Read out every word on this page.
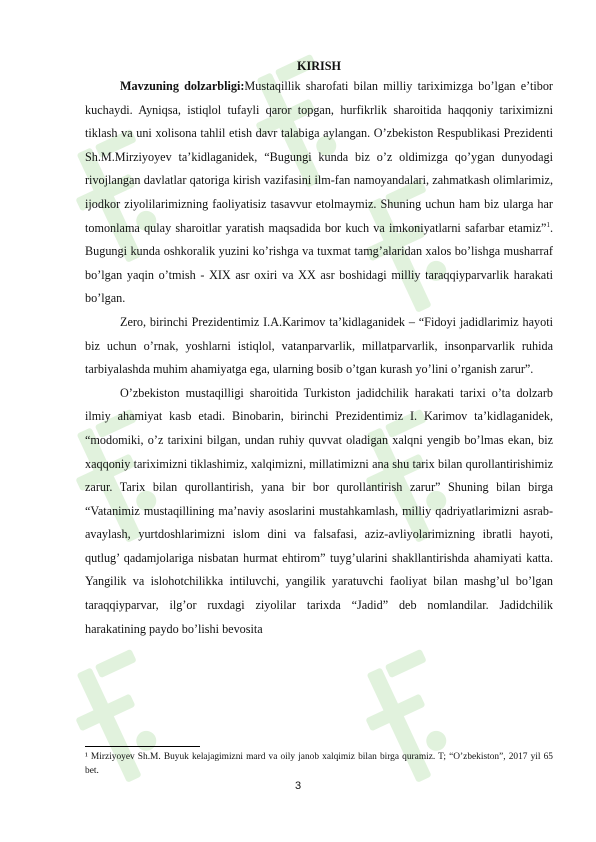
KIRISH

Mavzuning dolzarbligi:Mustaqillik sharofati bilan milliy tariximizga bo’lgan e’tibor kuchaydi. Ayniqsa, istiqlol tufayli qaror topgan, hurfikrlik sharoitida haqqoniy tariximizni tiklash va uni xolisona tahlil etish davr talabiga aylangan. O’zbekiston Respublikasi Prezidenti Sh.M.Mirziyoyev ta’kidlaganidek, “Bugungi kunda biz o’z oldimizga qo’ygan dunyodagi rivojlangan davlatlar qatoriga kirish vazifasini ilm-fan namoyandalari, zahmatkash olimlarimiz, ijodkor ziyolilarimizning faoliyatisiz tasavvur etolmaymiz. Shuning uchun ham biz ularga har tomonlama qulay sharoitlar yaratish maqsadida bor kuch va imkoniyatlarni safarbar etamiz”$^1$. Bugungi kunda oshkoralik yuzini ko’rishga va tuxmat tamg’alaridan xalos bo’lishga musharraf bo’lgan yaqin o’tmish - XIX asr oxiri va XX asr boshidagi milliy taraqqiyparvarlik harakati bo’lgan.

Zero, birinchi Prezidentimiz I.A.Karimov ta’kidlaganidek – “Fidoyi jadidlarimiz hayoti biz uchun o’rnak, yoshlarni istiqlol, vatanparvarlik, millatparvarlik, insonparvarlik ruhida tarbiyalashda muhim ahamiyatga ega, ularning bosib o’tgan kurash yo’lini o’rganish zarur”.

O’zbekiston mustaqilligi sharoitida Turkiston jadidchilik harakati tarixi o’ta dolzarb ilmiy ahamiyat kasb etadi. Binobarin, birinchi Prezidentimiz I. Karimov ta’kidlaganidek, “modomiki, o’z tarixini bilgan, undan ruhiy quvvat oladigan xalqni yengib bo’lmas ekan, biz xaqqoniy tariximizni tiklashimiz, xalqimizni, millatimizni ana shu tarix bilan qurollantirishimiz zarur. Tarix bilan qurollantirish, yana bir bor qurollantirish zarur” Shuning bilan birga “Vatanimiz mustaqillining ma’naviy asoslarini mustahkamlash, milliy qadriyatlarimizni asrab-avaylash, yurtdoshlarimizni islom dini va falsafasi, aziz-avliyolarimizning ibratli hayoti, qutlug’ qadamjolariga nisbatan hurmat ehtirom” tuyg’ularini shakllantirishda ahamiyati katta. Yangilik va islohotchilikka intiluvchi, yangilik yaratuvchi faoliyat bilan mashg’ul bo’lgan taraqqiyparvar, ilg’or ruxdagi ziyolilar tarixda “Jadid” deb nomlandilar. Jadidchilik harakatining paydo bo’lishi bevosita

¹ Mirziyoyev Sh.M. Buyuk kelajagimizni mard va oily janob xalqimiz bilan birga quramiz. T; “O’zbekiston”, 2017 yil 65 bet.
3
